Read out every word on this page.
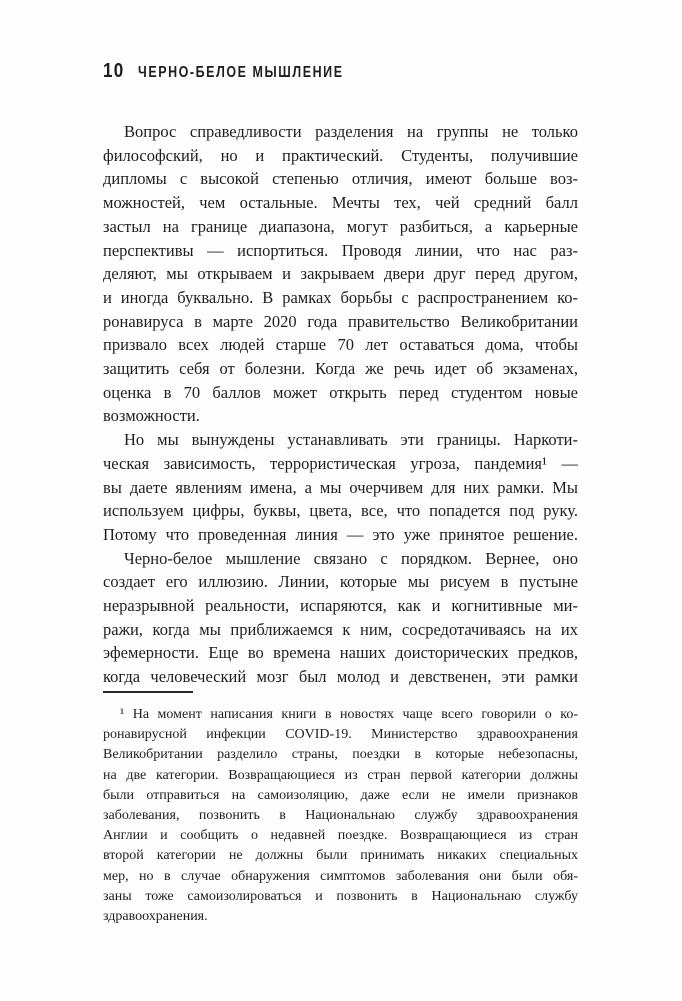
10 ЧЕРНО-БЕЛОЕ МЫШЛЕНИЕ
Вопрос справедливости разделения на группы не только
философский, но и практический. Студенты, получившие
дипломы с высокой степенью отличия, имеют больше воз-
можностей, чем остальные. Мечты тех, чей средний балл
застыл на границе диапазона, могут разбиться, а карьерные
перспективы — испортиться. Проводя линии, что нас раз-
деляют, мы открываем и закрываем двери друг перед другом,
и иногда буквально. В рамках борьбы с распространением ко-
ронавируса в марте 2020 года правительство Великобритании
призвало всех людей старше 70 лет оставаться дома, чтобы
защитить себя от болезни. Когда же речь идет об экзаменах,
оценка в 70 баллов может открыть перед студентом новые
возможности.
Но мы вынуждены устанавливать эти границы. Наркоти-
ческая зависимость, террористическая угроза, пандемия¹ —
вы даете явлениям имена, а мы очерчивем для них рамки. Мы
используем цифры, буквы, цвета, все, что попадется под руку.
Потому что проведенная линия — это уже принятое решение.
Черно-белое мышление связано с порядком. Вернее, оно
создает его иллюзию. Линии, которые мы рисуем в пустыне
неразрывной реальности, испаряются, как и когнитивные ми-
ражи, когда мы приближаемся к ним, сосредотачиваясь на их
эфемерности. Еще во времена наших доисторических предков,
когда человеческий мозг был молод и девственен, эти рамки
¹ На момент написания книги в новостях чаще всего говорили о ко-
ронавирусной инфекции COVID-19. Министерство здравоохранения
Великобритании разделило страны, поездки в которые небезопасны,
на две категории. Возвращающиеся из стран первой категории должны
были отправиться на самоизоляцию, даже если не имели признаков
заболевания, позвонить в Национальнаю службу здравоохранения
Англии и сообщить о недавней поездке. Возвращающиеся из стран
второй категории не должны были принимать никаких специальных
мер, но в случае обнаружения симптомов заболевания они были обя-
заны тоже самоизолироваться и позвонить в Национальнаю службу
здравоохранения.
